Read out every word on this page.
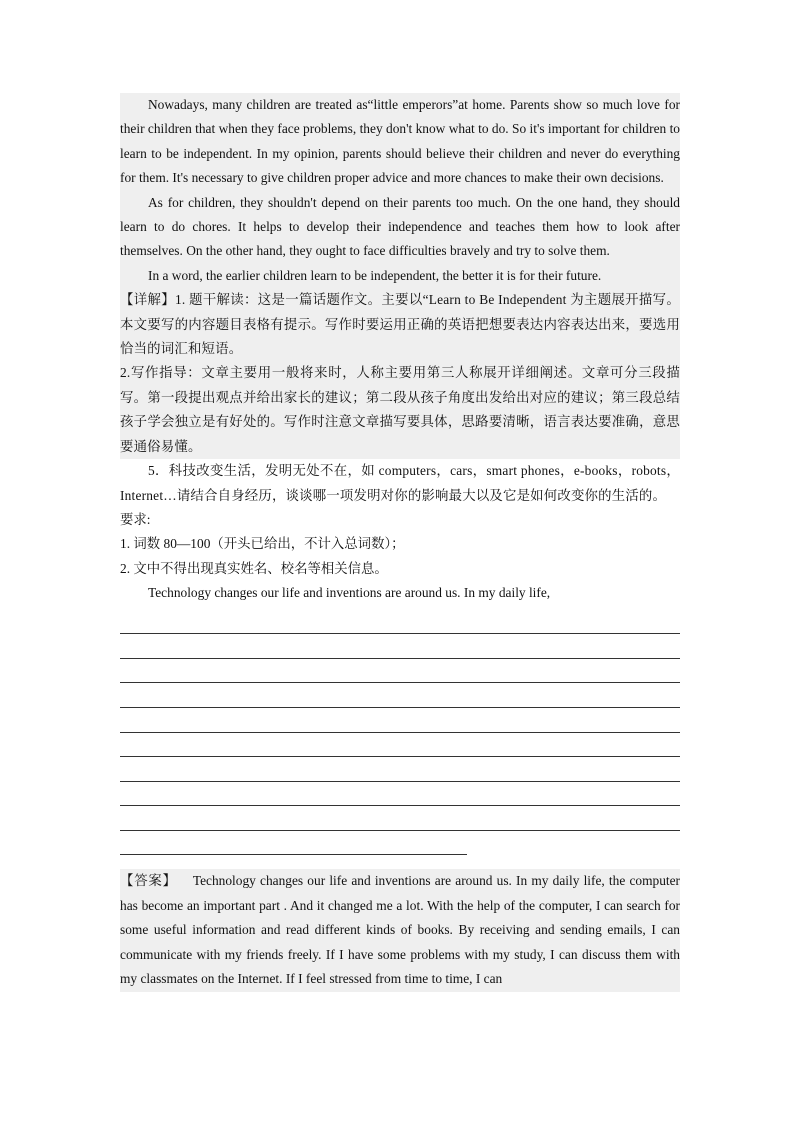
Nowadays, many children are treated as“little emperors”at home. Parents show so much love for their children that when they face problems, they don't know what to do. So it's important for children to learn to be independent. In my opinion, parents should believe their children and never do everything for them. It's necessary to give children proper advice and more chances to make their own decisions.

As for children, they shouldn't depend on their parents too much. On the one hand, they should learn to do chores. It helps to develop their independence and teaches them how to look after themselves. On the other hand, they ought to face difficulties bravely and try to solve them.

In a word, the earlier children learn to be independent, the better it is for their future.

【详解】1. 题干解读：这是一篇话题作文。主要以“Learn to Be Independent 为主题展开描写。本文要写的内容题目表格有提示。写作时要运用正确的英语把想要表达内容表达出来，要选用恰当的词汇和短语。

2.写作指导：文章主要用一般将来时，人称主要用第三人称展开详细阐述。文章可分三段描写。第一段提出观点并给出家长的建议；第二段从孩子角度出发给出对应的建议；第三段总结孩子学会独立是有好处的。写作时注意文章描写要具体，思路要清晰，语言表达要准确，意思要通俗易懂。

5．科技改变生活，发明无处不在，如 computers，cars，smart phones，e-books，robots，Internet…请结合自身经历，谈谈哪一项发明对你的影响最大以及它是如何改变你的生活的。

要求:

1. 词数 80—100（开头已给出，不计入总词数）；

2. 文中不得出现真实姓名、校名等相关信息。

Technology changes our life and inventions are around us. In my daily life,

【答案】 Technology changes our life and inventions are around us. In my daily life, the computer has become an important part . And it changed me a lot. With the help of the computer, I can search for some useful information and read different kinds of books. By receiving and sending emails, I can communicate with my friends freely. If I have some problems with my study, I can discuss them with my classmates on the Internet. If I feel stressed from time to time, I can
